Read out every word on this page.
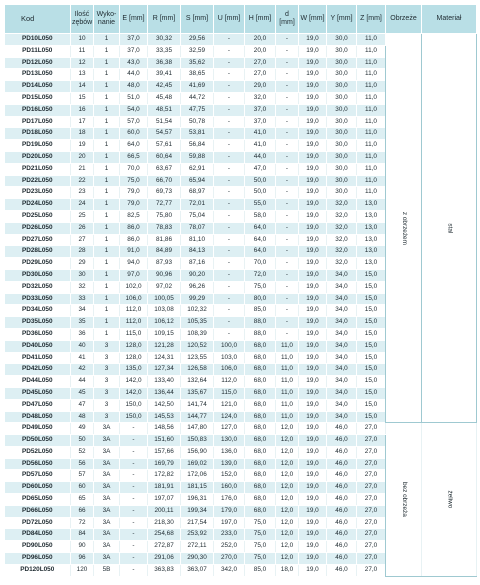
Kod	Ilość zębów	Wyko-nanie	E [mm]	R [mm]	S [mm]	U [mm]	H [mm]	d [mm]	W [mm]	Y [mm]	Z [mm]	Obrzeże	Materiał
PD10L050	10	1	37,0	30,32	29,56	-	20,0	-	19,0	30,0	11,0	z obrzeżem	stal
PD11L050	11	1	37,0	33,35	32,59	-	20,0	-	19,0	30,0	11,0		
PD12L050	12	1	43,0	36,38	35,62	-	27,0	-	19,0	30,0	11,0		
PD13L050	13	1	44,0	39,41	38,65	-	27,0	-	19,0	30,0	11,0		
PD14L050	14	1	48,0	42,45	41,69	-	29,0	-	19,0	30,0	11,0		
PD15L050	15	1	51,0	45,48	44,72	-	32,0	-	19,0	30,0	11,0		
PD16L050	16	1	54,0	48,51	47,75	-	37,0	-	19,0	30,0	11,0		
PD17L050	17	1	57,0	51,54	50,78	-	37,0	-	19,0	30,0	11,0		
PD18L050	18	1	60,0	54,57	53,81	-	41,0	-	19,0	30,0	11,0		
PD19L050	19	1	64,0	57,61	56,84	-	41,0	-	19,0	30,0	11,0		
PD20L050	20	1	66,5	60,64	59,88	-	44,0	-	19,0	30,0	11,0		
PD21L050	21	1	70,0	63,67	62,91	-	47,0	-	19,0	30,0	11,0		
PD22L050	22	1	75,0	66,70	65,94	-	50,0	-	19,0	30,0	11,0		
PD23L050	23	1	79,0	69,73	68,97	-	50,0	-	19,0	30,0	11,0		
PD24L050	24	1	79,0	72,77	72,01	-	55,0	-	19,0	32,0	13,0		
PD25L050	25	1	82,5	75,80	75,04	-	58,0	-	19,0	32,0	13,0		
PD26L050	26	1	86,0	78,83	78,07	-	64,0	-	19,0	32,0	13,0		
PD27L050	27	1	86,0	81,86	81,10	-	64,0	-	19,0	32,0	13,0		
PD28L050	28	1	91,0	84,89	84,13	-	64,0	-	19,0	32,0	13,0		
PD29L050	29	1	94,0	87,93	87,16	-	70,0	-	19,0	32,0	13,0		
PD30L050	30	1	97,0	90,96	90,20	-	72,0	-	19,0	34,0	15,0		
PD32L050	32	1	102,0	97,02	96,26	-	75,0	-	19,0	34,0	15,0		
PD33L050	33	1	106,0	100,05	99,29	-	80,0	-	19,0	34,0	15,0		
PD34L050	34	1	112,0	103,08	102,32	-	85,0	-	19,0	34,0	15,0		
PD35L050	35	1	112,0	106,12	105,35	-	88,0	-	19,0	34,0	15,0		
PD36L050	36	1	115,0	109,15	108,39	-	88,0	-	19,0	34,0	15,0		
PD40L050	40	3	128,0	121,28	120,52	100,0	68,0	11,0	19,0	34,0	15,0		
PD41L050	41	3	128,0	124,31	123,55	103,0	68,0	11,0	19,0	34,0	15,0		
PD42L050	42	3	135,0	127,34	126,58	106,0	68,0	11,0	19,0	34,0	15,0		
PD44L050	44	3	142,0	133,40	132,64	112,0	68,0	11,0	19,0	34,0	15,0		
PD45L050	45	3	142,0	136,44	135,67	115,0	68,0	11,0	19,0	34,0	15,0		
PD47L050	47	3	150,0	142,50	141,74	121,0	68,0	11,0	19,0	34,0	15,0		
PD48L050	48	3	150,0	145,53	144,77	124,0	68,0	11,0	19,0	34,0	15,0		
PD49L050	49	3A	-	148,56	147,80	127,0	68,0	12,0	19,0	46,0	27,0	bez obrzeża	żeliwo
PD50L050	50	3A	-	151,60	150,83	130,0	68,0	12,0	19,0	46,0	27,0		
PD52L050	52	3A	-	157,66	156,90	136,0	68,0	12,0	19,0	46,0	27,0		
PD56L050	56	3A	-	169,79	169,02	139,0	68,0	12,0	19,0	46,0	27,0		
PD57L050	57	3A	-	172,82	172,06	152,0	68,0	12,0	19,0	46,0	27,0		
PD60L050	60	3A	-	181,91	181,15	160,0	68,0	12,0	19,0	46,0	27,0		
PD65L050	65	3A	-	197,07	196,31	176,0	68,0	12,0	19,0	46,0	27,0		
PD66L050	66	3A	-	200,11	199,34	179,0	68,0	12,0	19,0	46,0	27,0		
PD72L050	72	3A	-	218,30	217,54	197,0	75,0	12,0	19,0	46,0	27,0		
PD84L050	84	3A	-	254,68	253,92	233,0	75,0	12,0	19,0	46,0	27,0		
PD90L050	90	3A	-	272,87	272,11	252,0	75,0	12,0	19,0	46,0	27,0		
PD96L050	96	3A	-	291,06	290,30	270,0	75,0	12,0	19,0	46,0	27,0		
PD120L050	120	5B	-	363,83	363,07	342,0	85,0	18,0	19,0	46,0	27,0		
